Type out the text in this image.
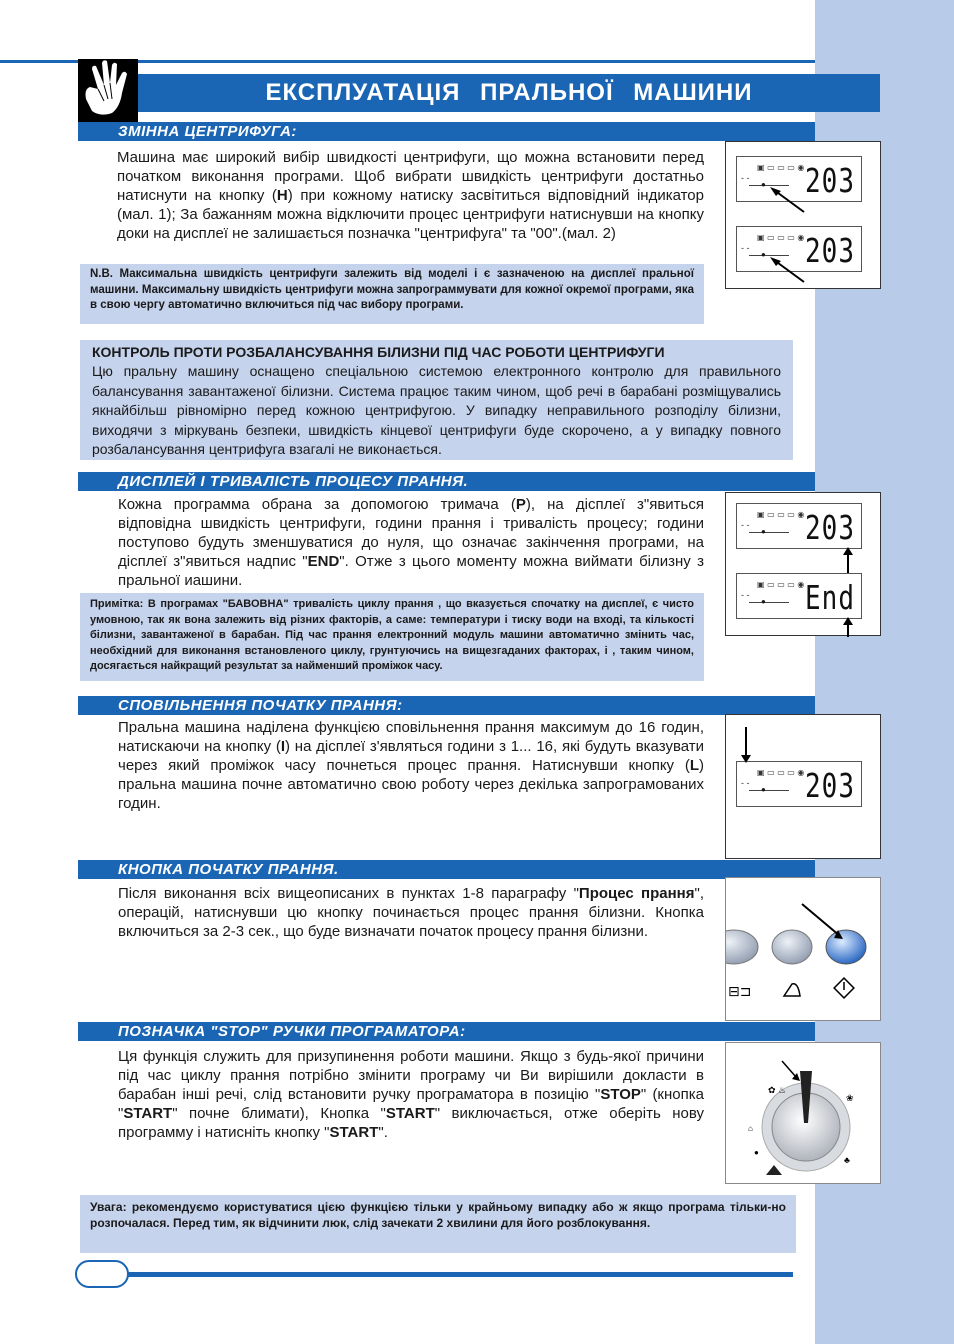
ЕКСПЛУАТАЦІЯ ПРАЛЬНОЇ МАШИНИ
ЗМІННА ЦЕНТРИФУГА:

Машина має широкий вибір швидкості центрифуги, що можна встановити перед початком виконання програми. Щоб вибрати швидкість центрифуги достатньо натиснути на кнопку (H) при кожному натиску засвітиться відповідний індикатор (мал. 1); За бажанням можна відключити процес центрифуги натиснувши на кнопку доки на дисплеї не залишається позначка "центрифуга" та "00".(мал. 2)

N.B. Максимальна швидкість центрифуги залежить від моделі і є зазначеною на дисплеї пральної машини. Максимальну швидкість центрифуги можна запрограммувати для кожної окремої програми, яка в свою чергу автоматично включиться під час вибору програми.

▣ ▭ ▭ ▭ ◉
- -
● 203
▣ ▭ ▭ ▭ ◉
- -
● 203

КОНТРОЛЬ ПРОТИ РОЗБАЛАНСУВАННЯ БІЛИЗНИ ПІД ЧАС РОБОТИ ЦЕНТРИФУГИ

Цю пральну машину оснащено спеціальною системою електронного контролю для правильного балансування завантаженої білизни. Система працює таким чином, щоб речі в барабані розміщувались якнайбільш рівномірно перед кожною центрифугою. У випадку неправильного розподілу білизни, виходячи з міркувань безпеки, швидкість кінцевої центрифуги буде скорочено, а у випадку повного розбалансування центрифуга взагалі не виконається.

ДИСПЛЕЙ І ТРИВАЛІСТЬ ПРОЦЕСУ ПРАННЯ.

Кожна программа обрана за допомогою тримача (P), на дісплеї з"явиться відповідна швидкість центрифуги, години прання і тривалість процесу; години поступово будуть зменшуватися до нуля, що означає закінчення програми, на дісплеї з"явиться надпис "END". Отже з цього моменту можна виймати білизну з пральної иашини.

Примітка: В програмах "БАВОВНА" тривалість циклу прання , що вказується спочатку на дисплеї, є чисто умовною, так як вона залежить від різних факторів, а саме: температури і тиску води на вході, та кількості білизни, завантаженої в барабан. Під час прання електронний модуль машини автоматично змінить час, необхідний для виконання встановленого циклу, грунтуючись на вищезгаданих факторах, і , таким чином, досягається найкращий результат за найменший проміжок часу.

▣ ▭ ▭ ▭ ◉
- -
● 203
▣ ▭ ▭ ▭ ◉
- -
● End
СПОВІЛЬНЕННЯ ПОЧАТКУ ПРАННЯ:

Пральна машина наділена функцією сповільнення прання максимум до 16 годин, натискаючи на кнопку (I) на дісплеї з'являться години з 1... 16, які будуть вказувати через який проміжок часу почнеться процес прання. Натиснувши кнопку (L) пральна машина почне автоматично свою роботу через декілька запрограмованих годин.

▣ ▭ ▭ ▭ ◉
- -
● 203
КНОПКА ПОЧАТКУ ПРАННЯ.

Після виконання всіх вищеописаних в пунктах 1-8 параграфу "Процес прання", операцій, натиснувши цю кнопку починається процес прання білизни. Кнопка включиться за 2-3 сек., що буде визначати початок процесу прання білизни.

⊟⊐
ПОЗНАЧКА "STOP" РУЧКИ ПРОГРАМАТОРА:

Ця функція служить для призупинення роботи машини. Якщо з будь-якої причини під час циклу прання потрібно змінити програму чи Ви вирішили докласти в барабан інші речі, слід встановити ручку програматора в позицію "STOP" (кнопка "START" почне блимати), Кнопка "START" виключається, отже оберіть нову программу і натисніть кнопку "START".

✿ ♨
⌂
●
♣
❀

Увага: рекомендуємо користуватися цією функцією тільки у крайньому випадку або ж якщо програма тільки-но розпочалася. Перед тим, як відчинити люк, слід зачекати 2 хвилини для його розблокування.
